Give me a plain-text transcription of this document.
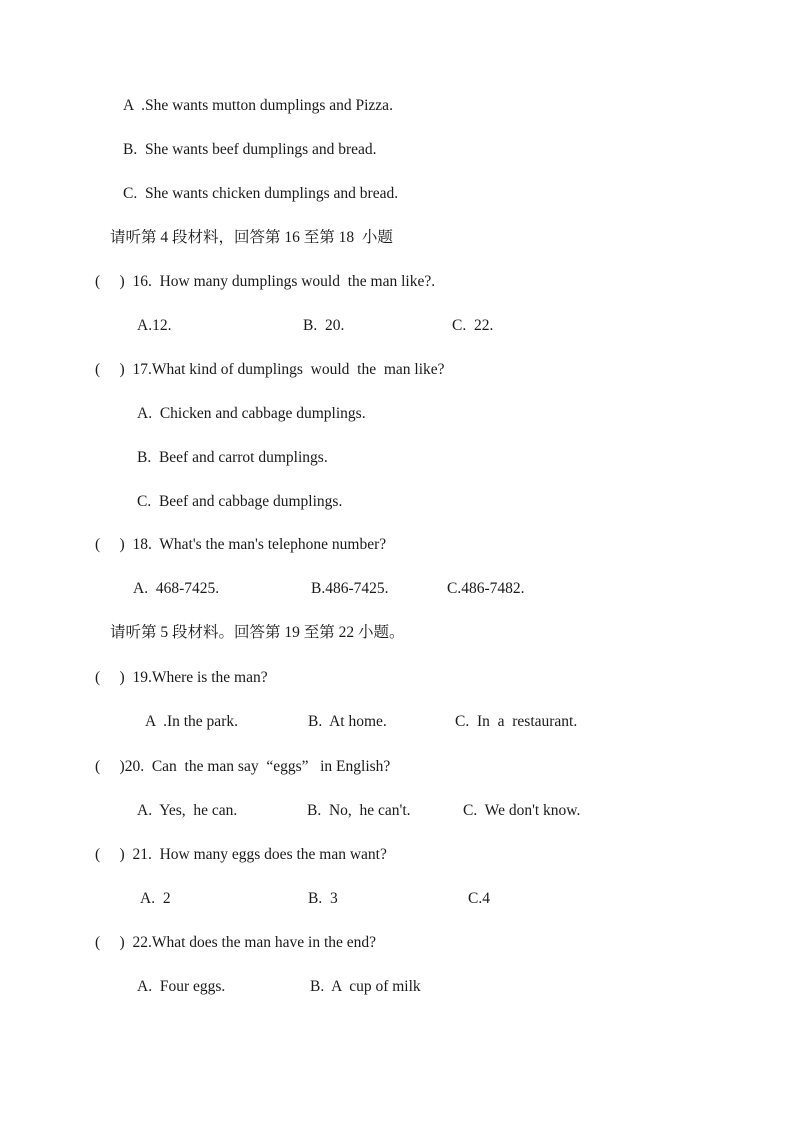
A  .She wants mutton dumplings and Pizza.
B.  She wants beef dumplings and bread.
C.  She wants chicken dumplings and bread.
请听第 4 段材料，回答第 16 至第 18  小题
(     )  16.  How many dumplings would  the man like?.
A.12.	B.  20.	C.  22.
(     )  17.What kind of dumplings  would  the  man like?
A.  Chicken and cabbage dumplings.
B.  Beef and carrot dumplings.
C.  Beef and cabbage dumplings.
(     )  18.  What's the man's telephone number?
A.  468-7425.	B.486-7425.	C.486-7482.
请听第 5 段材料。回答第 19 至第 22 小题。
(     )  19.Where is the man?
A  .In the park.	B.  At home.	C.  In  a  restaurant.
(     )20.  Can  the man say  “eggs”   in English?
A.  Yes,  he can.	B.  No,  he can't.	C.  We don't know.
(     )  21.  How many eggs does the man want?
A.  2	B.  3	C.4
(     )  22.What does the man have in the end?
A.  Four eggs.	B.  A  cup of milk
